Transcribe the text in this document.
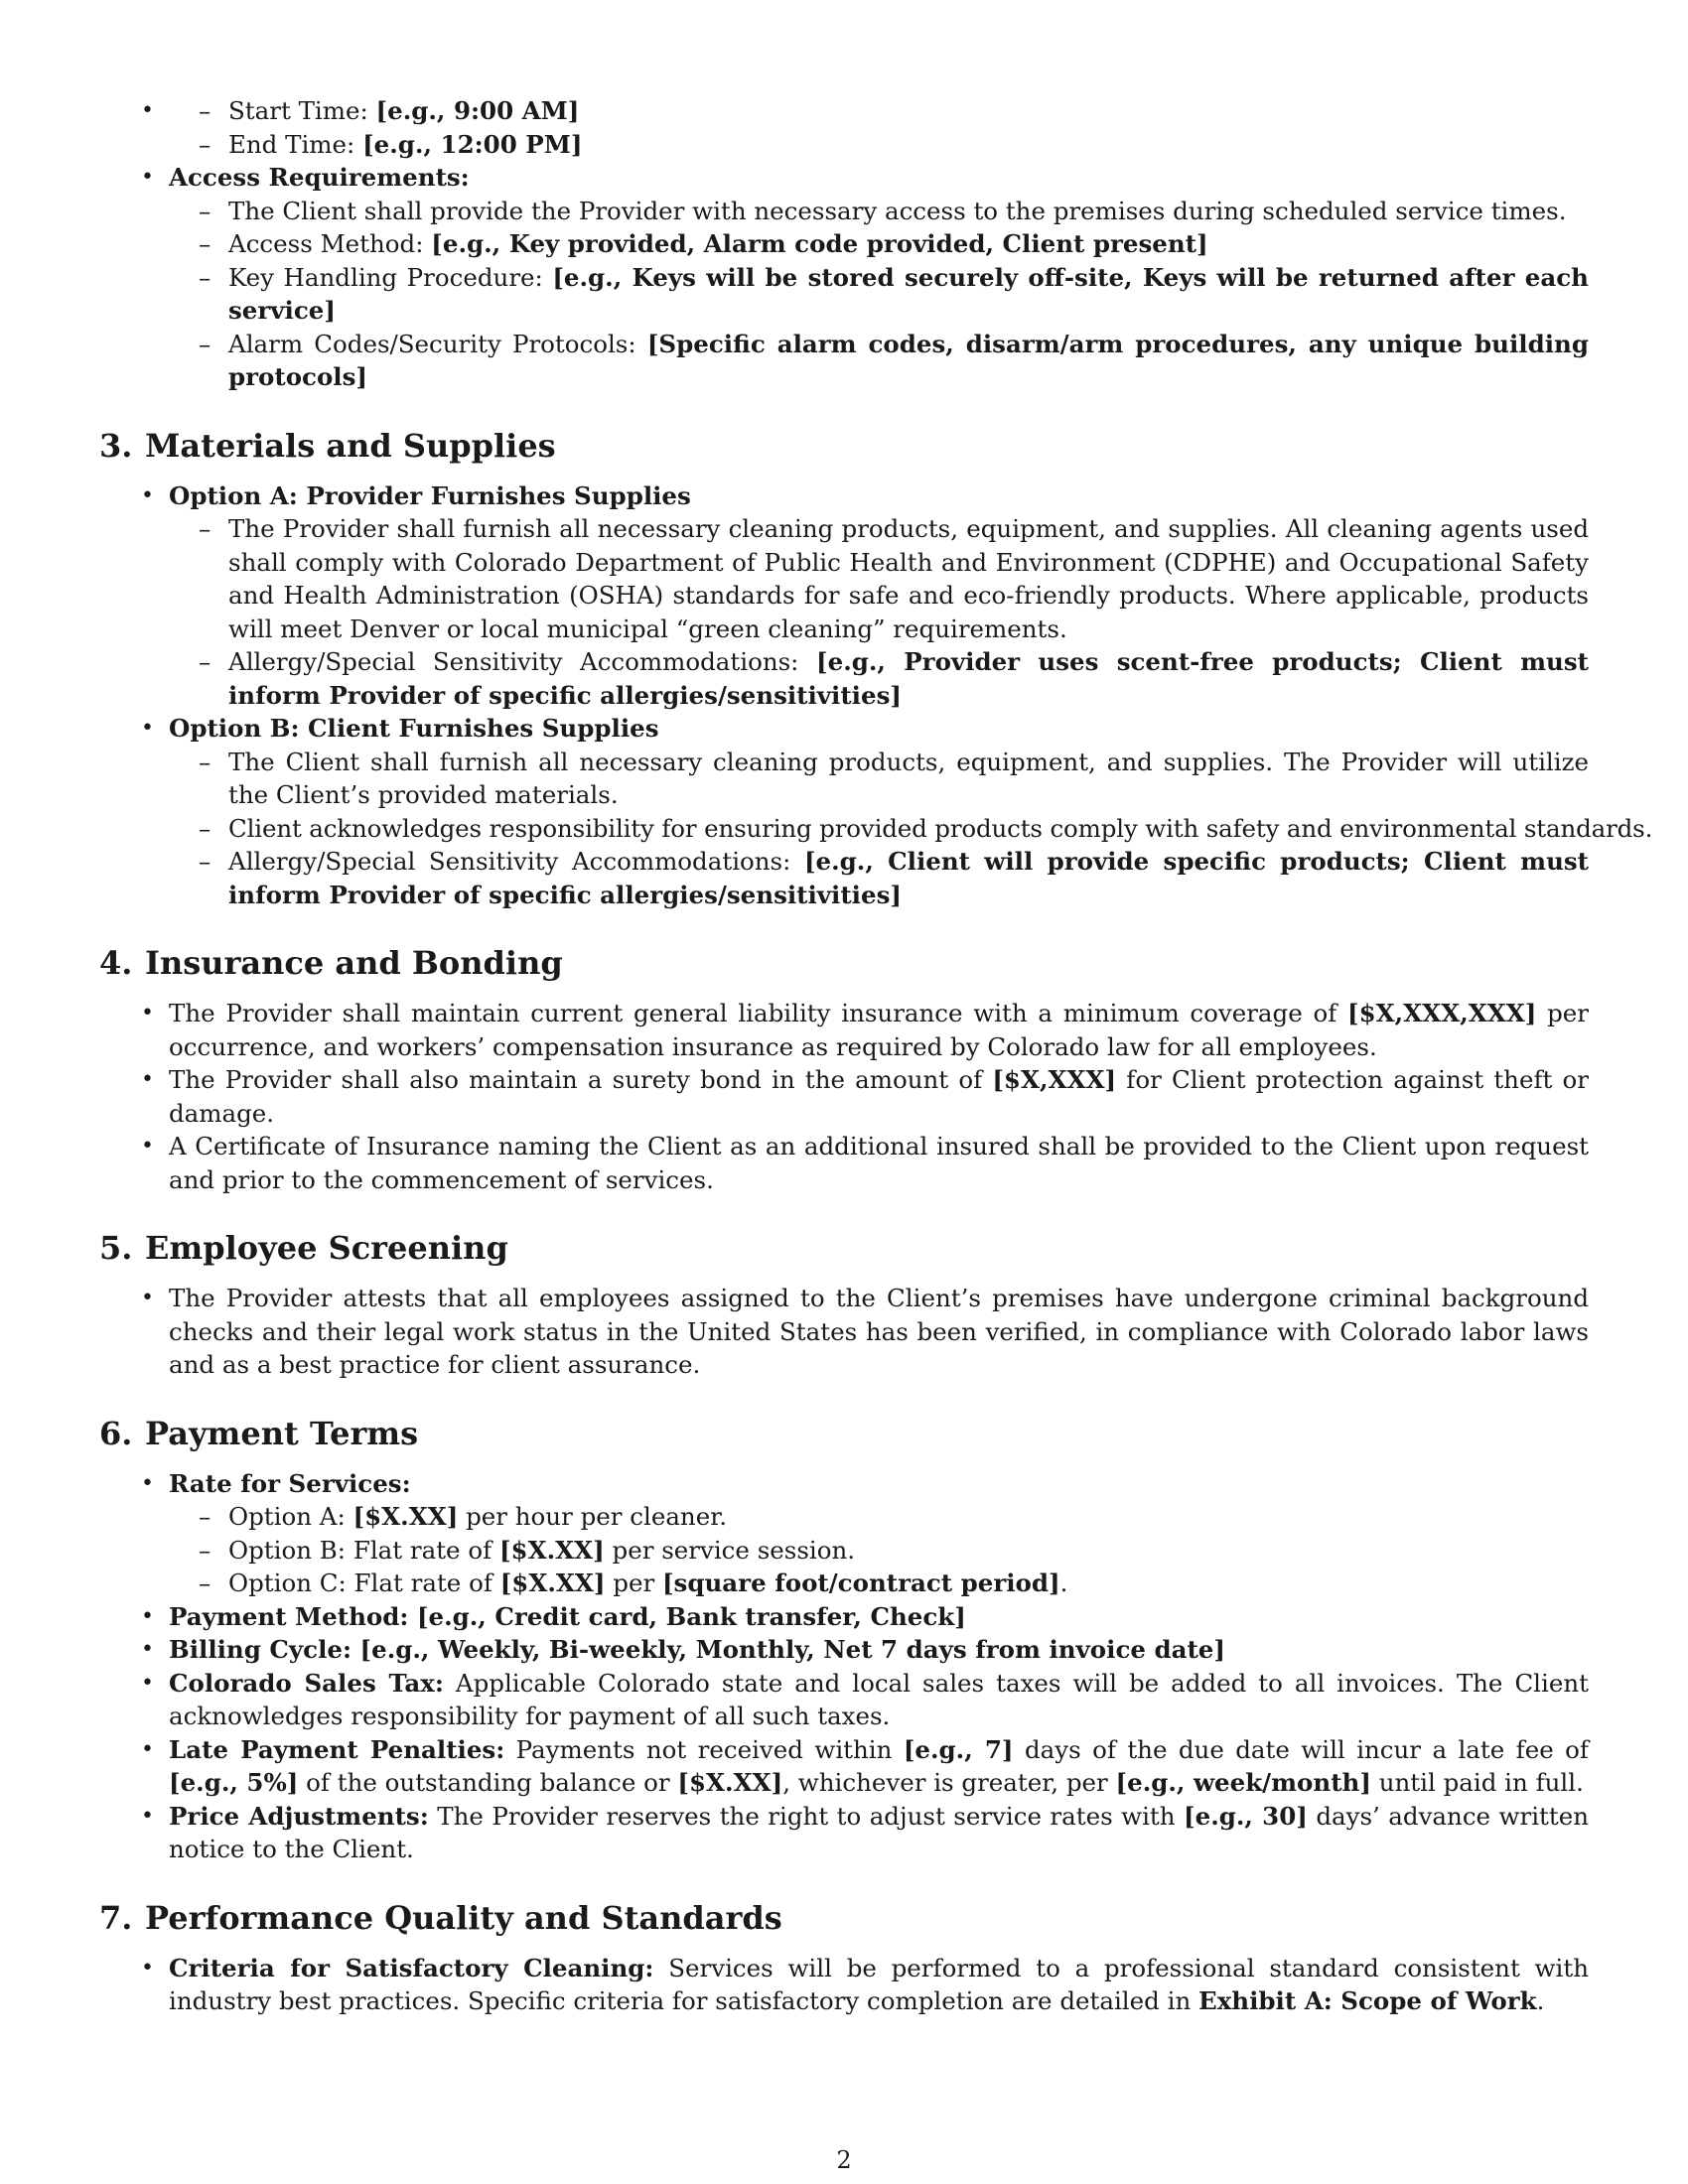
– • Start Time: [e.g., 9:00 AM]
– End Time: [e.g., 12:00 PM]
• Access Requirements:
– The Client shall provide the Provider with necessary access to the premises during scheduled service times.
– Access Method: [e.g., Key provided, Alarm code provided, Client present]
– Key Handling Procedure: [e.g., Keys will be stored securely off-site, Keys will be returned after each service]
– Alarm Codes/Security Protocols: [Specific alarm codes, disarm/arm procedures, any unique building protocols]
3. Materials and Supplies
• Option A: Provider Furnishes Supplies
– The Provider shall furnish all necessary cleaning products, equipment, and supplies. All cleaning agents used shall comply with Colorado Department of Public Health and Environment (CDPHE) and Occupational Safety and Health Administration (OSHA) standards for safe and eco-friendly products. Where applicable, products will meet Denver or local municipal “green cleaning” requirements.
– Allergy/Special Sensitivity Accommodations: [e.g., Provider uses scent-free products; Client must inform Provider of specific allergies/sensitivities]
• Option B: Client Furnishes Supplies
– The Client shall furnish all necessary cleaning products, equipment, and supplies. The Provider will utilize the Client’s provided materials.
– Client acknowledges responsibility for ensuring provided products comply with safety and environmental standards.
– Allergy/Special Sensitivity Accommodations: [e.g., Client will provide specific products; Client must inform Provider of specific allergies/sensitivities]
4. Insurance and Bonding
• The Provider shall maintain current general liability insurance with a minimum coverage of [$X,XXX,XXX] per occurrence, and workers’ compensation insurance as required by Colorado law for all employees.
• The Provider shall also maintain a surety bond in the amount of [$X,XXX] for Client protection against theft or damage.
• A Certificate of Insurance naming the Client as an additional insured shall be provided to the Client upon request and prior to the commencement of services.
5. Employee Screening
• The Provider attests that all employees assigned to the Client’s premises have undergone criminal background checks and their legal work status in the United States has been verified, in compliance with Colorado labor laws and as a best practice for client assurance.
6. Payment Terms
• Rate for Services:
– Option A: [$X.XX] per hour per cleaner.
– Option B: Flat rate of [$X.XX] per service session.
– Option C: Flat rate of [$X.XX] per [square foot/contract period].
• Payment Method: [e.g., Credit card, Bank transfer, Check]
• Billing Cycle: [e.g., Weekly, Bi-weekly, Monthly, Net 7 days from invoice date]
• Colorado Sales Tax: Applicable Colorado state and local sales taxes will be added to all invoices. The Client acknowledges responsibility for payment of all such taxes.
• Late Payment Penalties: Payments not received within [e.g., 7] days of the due date will incur a late fee of [e.g., 5%] of the outstanding balance or [$X.XX], whichever is greater, per [e.g., week/month] until paid in full.
• Price Adjustments: The Provider reserves the right to adjust service rates with [e.g., 30] days’ advance written notice to the Client.
7. Performance Quality and Standards
• Criteria for Satisfactory Cleaning: Services will be performed to a professional standard consistent with industry best practices. Specific criteria for satisfactory completion are detailed in Exhibit A: Scope of Work.
2
